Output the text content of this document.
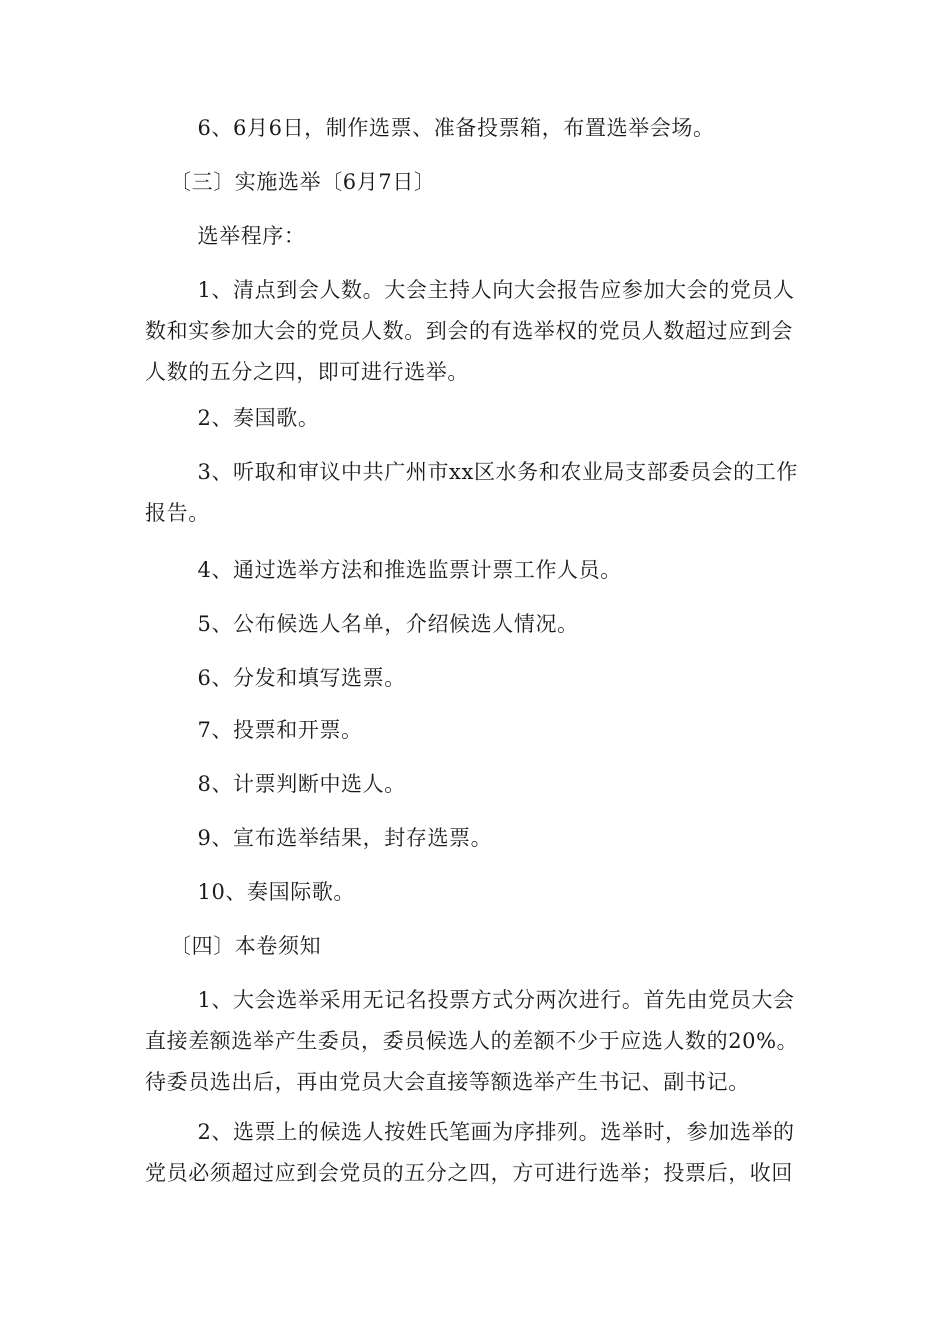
6、6月6日，制作选票、准备投票箱，布置选举会场。

〔三〕实施选举〔6月7日〕

选举程序：

1、清点到会人数。大会主持人向大会报告应参加大会的党员人数和实参加大会的党员人数。到会的有选举权的党员人数超过应到会人数的五分之四，即可进行选举。

2、奏国歌。

3、听取和审议中共广州市xx区水务和农业局支部委员会的工作报告。

4、通过选举方法和推选监票计票工作人员。

5、公布候选人名单，介绍候选人情况。

6、分发和填写选票。

7、投票和开票。

8、计票判断中选人。

9、宣布选举结果，封存选票。

10、奏国际歌。

〔四〕本卷须知

1、大会选举采用无记名投票方式分两次进行。首先由党员大会直接差额选举产生委员，委员候选人的差额不少于应选人数的20%。待委员选出后，再由党员大会直接等额选举产生书记、副书记。

2、选票上的候选人按姓氏笔画为序排列。选举时，参加选举的党员必须超过应到会党员的五分之四，方可进行选举；投票后，收回
